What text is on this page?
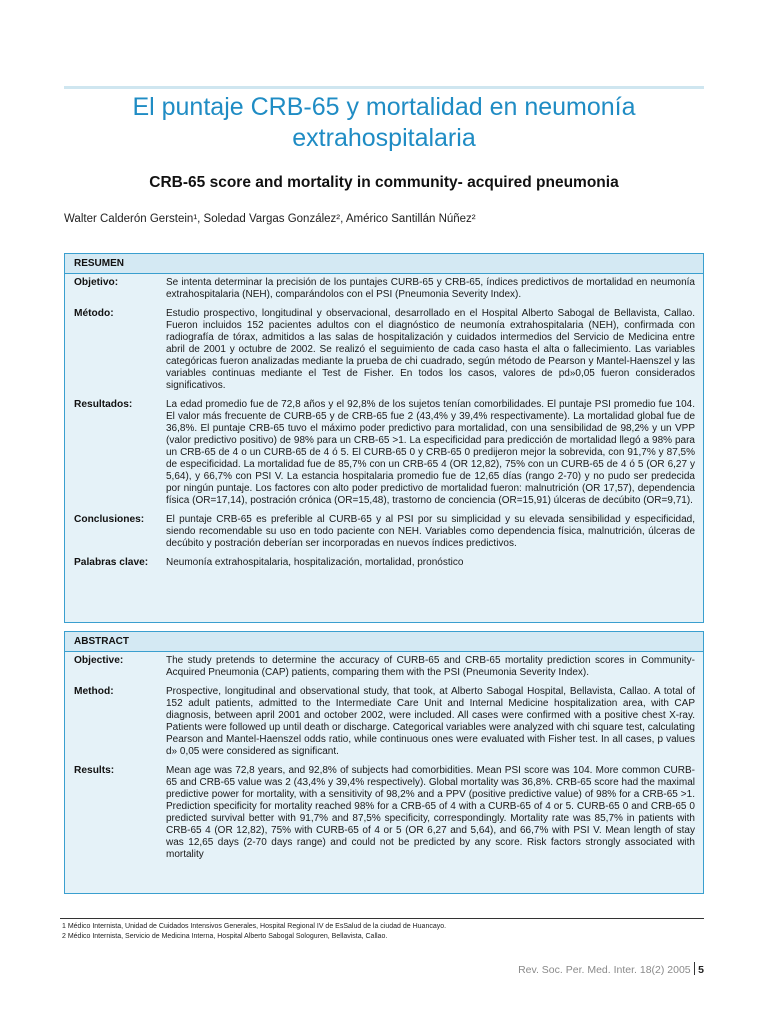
El puntaje CRB-65 y mortalidad en neumonía extrahospitalaria
CRB-65 score and mortality in community- acquired pneumonia
Walter Calderón Gerstein¹, Soledad Vargas González², Américo Santillán Núñez²
RESUMEN
Objetivo:	Se intenta determinar la precisión de los puntajes CURB-65 y CRB-65, índices predictivos de mortalidad en neumonía extrahospitalaria (NEH), comparándolos con el PSI (Pneumonia Severity Index).
Método:	Estudio prospectivo, longitudinal y observacional, desarrollado en el Hospital Alberto Sabogal de Bellavista, Callao. Fueron incluidos 152 pacientes adultos con el diagnóstico de neumonía extrahospitalaria (NEH), confirmada con radiografía de tórax, admitidos a las salas de hospitalización y cuidados intermedios del Servicio de Medicina entre abril de 2001 y octubre de 2002. Se realizó el seguimiento de cada caso hasta el alta o fallecimiento. Las variables categóricas fueron analizadas mediante la prueba de chi cuadrado, según método de Pearson y Mantel-Haenszel y las variables continuas mediante el Test de Fisher. En todos los casos, valores de pd»0,05 fueron considerados significativos.
Resultados:	La edad promedio fue de 72,8 años y el 92,8% de los sujetos tenían comorbilidades. El puntaje PSI promedio fue 104. El valor más frecuente de CURB-65 y de CRB-65 fue 2 (43,4% y 39,4% respectivamente). La mortalidad global fue de 36,8%. El puntaje CRB-65 tuvo el máximo poder predictivo para mortalidad, con una sensibilidad de 98,2% y un VPP (valor predictivo positivo) de 98% para un CRB-65 >1. La especificidad para predicción de mortalidad llegó a 98% para un CRB-65 de 4 o un CURB-65 de 4 ó 5. El CURB-65 0 y CRB-65 0 predijeron mejor la sobrevida, con 91,7% y 87,5% de especificidad. La mortalidad fue de 85,7% con un CRB-65 4 (OR 12,82), 75% con un CURB-65 de 4 ó 5 (OR 6,27 y 5,64), y 66,7% con PSI V. La estancia hospitalaria promedio fue de 12,65 días (rango 2-70) y no pudo ser predecida por ningún puntaje. Los factores con alto poder predictivo de mortalidad fueron: malnutrición (OR 17,57), dependencia física (OR=17,14), postración crónica (OR=15,48), trastorno de conciencia (OR=15,91) úlceras de decúbito (OR=9,71).
Conclusiones:	El puntaje CRB-65 es preferible al CURB-65 y al PSI por su simplicidad y su elevada sensibilidad y especificidad, siendo recomendable su uso en todo paciente con NEH. Variables como dependencia física, malnutrición, úlceras de decúbito y postración deberían ser incorporadas en nuevos índices predictivos.
Palabras clave:	Neumonía extrahospitalaria, hospitalización, mortalidad, pronóstico
ABSTRACT
Objective:	The study pretends to determine the accuracy of CURB-65 and CRB-65 mortality prediction scores in Community-Acquired Pneumonia (CAP) patients, comparing them with the PSI (Pneumonia Severity Index).
Method:	Prospective, longitudinal and observational study, that took, at Alberto Sabogal Hospital, Bellavista, Callao. A total of 152 adult patients, admitted to the Intermediate Care Unit and Internal Medicine hospitalization area, with CAP diagnosis, between april 2001 and october 2002, were included. All cases were confirmed with a positive chest X-ray. Patients were followed up until death or discharge. Categorical variables were analyzed with chi square test, calculating Pearson and Mantel-Haenszel odds ratio, while continuous ones were evaluated with Fisher test. In all cases, p values d» 0,05 were considered as significant.
Results:	Mean age was 72,8 years, and 92,8% of subjects had comorbidities. Mean PSI score was 104. More common CURB-65 and CRB-65 value was 2 (43,4% y 39,4% respectively). Global mortality was 36,8%. CRB-65 score had the maximal predictive power for mortality, with a sensitivity of 98,2% and a PPV (positive predictive value) of 98% for a CRB-65 >1. Prediction specificity for mortality reached 98% for a CRB-65 of 4 with a CURB-65 of 4 or 5. CURB-65 0 and CRB-65 0 predicted survival better with 91,7% and 87,5% specificity, correspondingly. Mortality rate was 85,7% in patients with CRB-65 4 (OR 12,82), 75% with CURB-65 of 4 or 5 (OR 6,27 and 5,64), and 66,7% with PSI V. Mean length of stay was 12,65 days (2-70 days range) and could not be predicted by any score. Risk factors strongly associated with mortality
1 Médico Internista, Unidad de Cuidados Intensivos Generales, Hospital Regional IV de EsSalud de la ciudad de Huancayo.
2 Médico Internista, Servicio de Medicina Interna, Hospital Alberto Sabogal Sologuren, Bellavista, Callao.
Rev. Soc. Per. Med. Inter. 18(2) 2005 5
